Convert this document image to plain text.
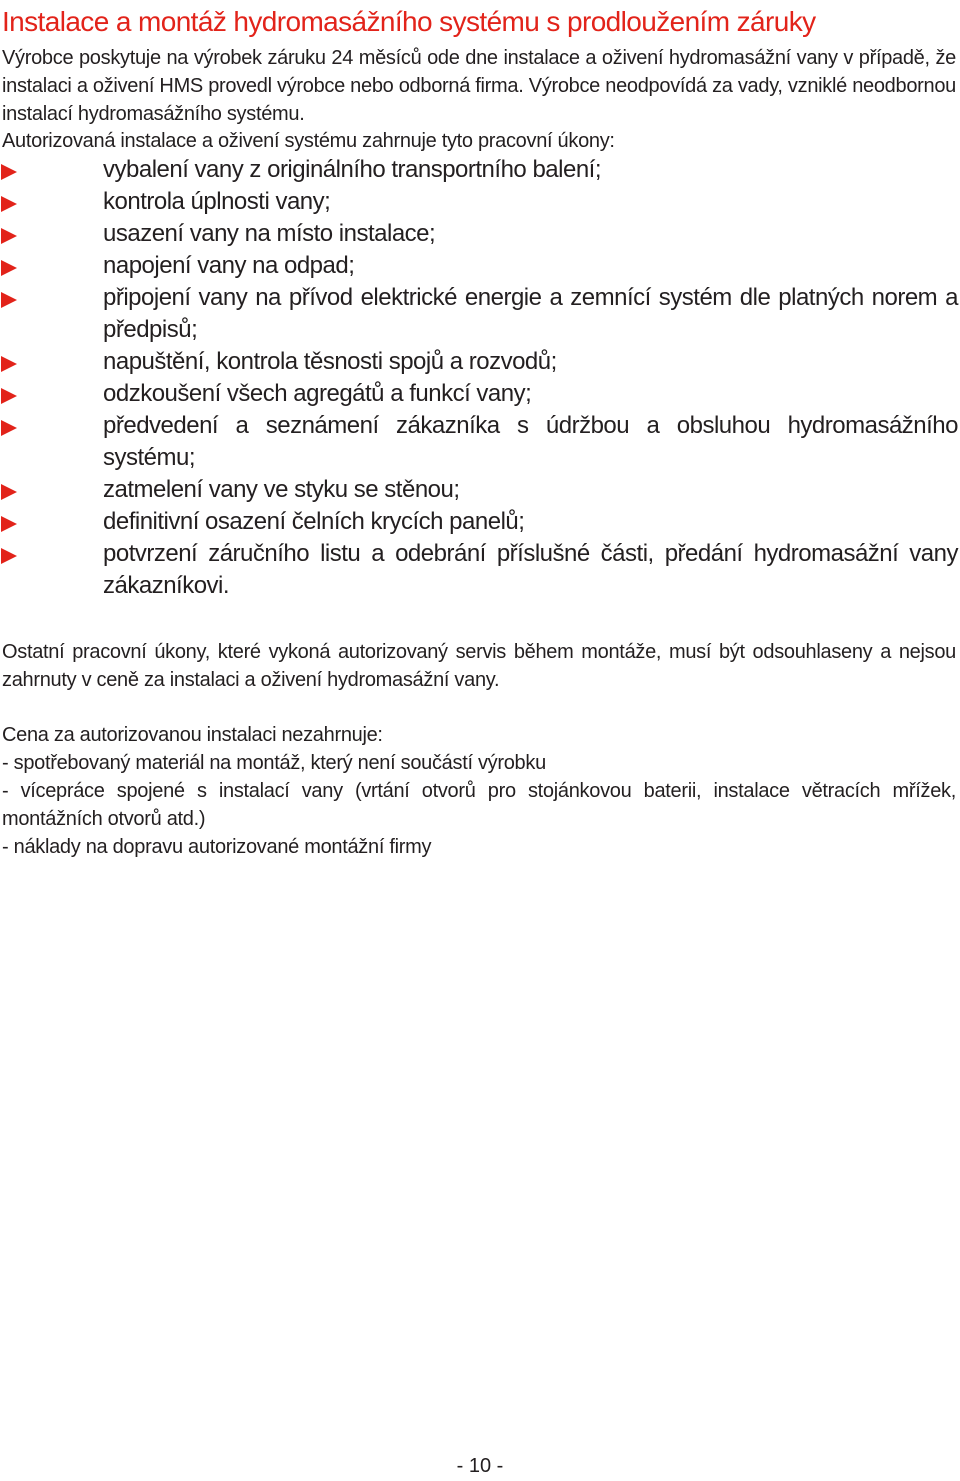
Instalace a montáž hydromasážního systému s prodloužením záruky
Výrobce poskytuje na výrobek záruku 24 měsíců ode dne instalace a oživení hydromasážní vany v případě, že instalaci a oživení HMS provedl výrobce nebo odborná firma. Výrobce neodpovídá za vady, vzniklé neodbornou instalací hydromasážního systému.
Autorizovaná instalace a oživení systému zahrnuje tyto pracovní úkony:
vybalení vany z originálního transportního balení;
kontrola úplnosti vany;
usazení vany na místo instalace;
napojení vany na odpad;
připojení vany na přívod elektrické energie a zemnící systém dle platných norem a předpisů;
napuštění, kontrola těsnosti spojů a rozvodů;
odzkoušení všech agregátů a funkcí vany;
předvedení a seznámení zákazníka s údržbou a obsluhou hydromasážního systému;
zatmelení vany ve styku se stěnou;
definitivní osazení čelních krycích panelů;
potvrzení záručního listu a odebrání příslušné části, předání hydromasážní vany zákazníkovi.
Ostatní pracovní úkony, které vykoná autorizovaný servis během montáže, musí být odsouhlaseny a nejsou zahrnuty v ceně za instalaci a oživení hydromasážní vany.
Cena za autorizovanou instalaci nezahrnuje:
- spotřebovaný materiál na montáž, který není součástí výrobku
- vícepráce spojené s instalací vany (vrtání otvorů pro stojánkovou baterii, instalace větracích mřížek, montážních otvorů atd.)
- náklady na dopravu autorizované montážní firmy
- 10 -
